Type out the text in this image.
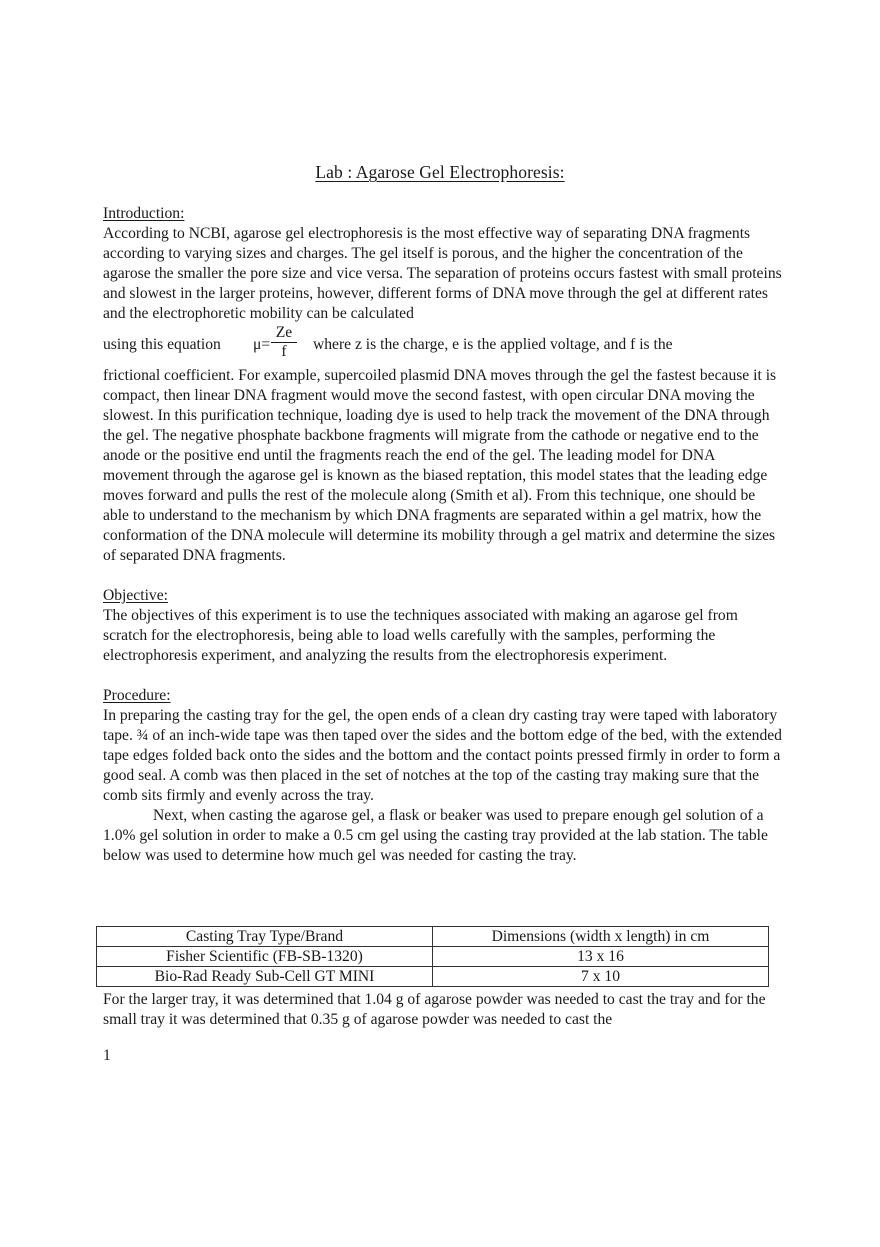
Lab : Agarose Gel Electrophoresis:

Introduction:

According to NCBI, agarose gel electrophoresis is the most effective way of separating DNA fragments according to varying sizes and charges. The gel itself is porous, and the higher the concentration of the agarose the smaller the pore size and vice versa. The separation of proteins occurs fastest with small proteins and slowest in the larger proteins, however, different forms of DNA move through the gel at different rates and the electrophoretic mobility can be calculated

using this equation $\mu= \frac{Ze}{f}$ where z is the charge, e is the applied voltage, and f is the

frictional coefficient. For example, supercoiled plasmid DNA moves through the gel the fastest because it is compact, then linear DNA fragment would move the second fastest, with open circular DNA moving the slowest. In this purification technique, loading dye is used to help track the movement of the DNA through the gel. The negative phosphate backbone fragments will migrate from the cathode or negative end to the anode or the positive end until the fragments reach the end of the gel. The leading model for DNA movement through the agarose gel is known as the biased reptation, this model states that the leading edge moves forward and pulls the rest of the molecule along (Smith et al). From this technique, one should be able to understand to the mechanism by which DNA fragments are separated within a gel matrix, how the conformation of the DNA molecule will determine its mobility through a gel matrix and determine the sizes of separated DNA fragments.

Objective:

The objectives of this experiment is to use the techniques associated with making an agarose gel from scratch for the electrophoresis, being able to load wells carefully with the samples, performing the electrophoresis experiment, and analyzing the results from the electrophoresis experiment.

Procedure:

In preparing the casting tray for the gel, the open ends of a clean dry casting tray were taped with laboratory tape. ¾ of an inch-wide tape was then taped over the sides and the bottom edge of the bed, with the extended tape edges folded back onto the sides and the bottom and the contact points pressed firmly in order to form a good seal. A comb was then placed in the set of notches at the top of the casting tray making sure that the comb sits firmly and evenly across the tray.

Next, when casting the agarose gel, a flask or beaker was used to prepare enough gel solution of a 1.0% gel solution in order to make a 0.5 cm gel using the casting tray provided at the lab station. The table below was used to determine how much gel was needed for casting the tray.

Casting Tray Type/Brand	Dimensions (width x length) in cm
Fisher Scientific (FB-SB-1320)	13 x 16
Bio-Rad Ready Sub-Cell GT MINI	7 x 10

For the larger tray, it was determined that 1.04 g of agarose powder was needed to cast the tray and for the small tray it was determined that 0.35 g of agarose powder was needed to cast the

1
